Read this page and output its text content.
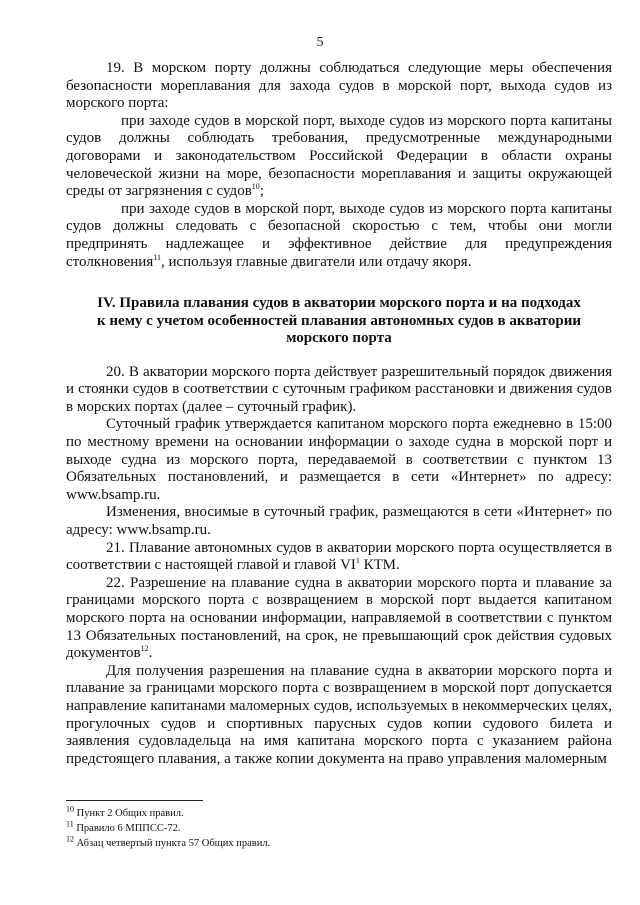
5

19. В морском порту должны соблюдаться следующие меры обеспечения безопасности мореплавания для захода судов в морской порт, выхода судов из морского порта:

при заходе судов в морской порт, выходе судов из морского порта капитаны судов должны соблюдать требования, предусмотренные международными договорами и законодательством Российской Федерации в области охраны человеческой жизни на море, безопасности мореплавания и защиты окружающей среды от загрязнения с судов$^{10}$;

при заходе судов в морской порт, выходе судов из морского порта капитаны судов должны следовать с безопасной скоростью с тем, чтобы они могли предпринять надлежащее и эффективное действие для предупреждения столкновения$^{11}$, используя главные двигатели или отдачу якоря.

IV. Правила плавания судов в акватории морского порта и на подходах к нему с учетом особенностей плавания автономных судов в акватории морского порта

20. В акватории морского порта действует разрешительный порядок движения и стоянки судов в соответствии с суточным графиком расстановки и движения судов в морских портах (далее – суточный график).

Суточный график утверждается капитаном морского порта ежедневно в 15:00 по местному времени на основании информации о заходе судна в морской порт и выходе судна из морского порта, передаваемой в соответствии с пунктом 13 Обязательных постановлений, и размещается в сети «Интернет» по адресу: www.bsamp.ru.

Изменения, вносимые в суточный график, размещаются в сети «Интернет» по адресу: www.bsamp.ru.

21. Плавание автономных судов в акватории морского порта осуществляется в соответствии с настоящей главой и главой $VI^1$ КТМ.

22. Разрешение на плавание судна в акватории морского порта и плавание за границами морского порта с возвращением в морской порт выдается капитаном морского порта на основании информации, направляемой в соответствии с пунктом 13 Обязательных постановлений, на срок, не превышающий срок действия судовых документов$^{12}$.

Для получения разрешения на плавание судна в акватории морского порта и плавание за границами морского порта с возвращением в морской порт допускается направление капитанами маломерных судов, используемых в некоммерческих целях, прогулочных судов и спортивных парусных судов копии судового билета и заявления судовладельца на имя капитана морского порта с указанием района предстоящего плавания, а также копии документа на право управления маломерным

$^{10}$ Пункт 2 Общих правил.
$^{11}$ Правило 6 МППСС-72.
$^{12}$ Абзац четвертый пункта 57 Общих правил.
